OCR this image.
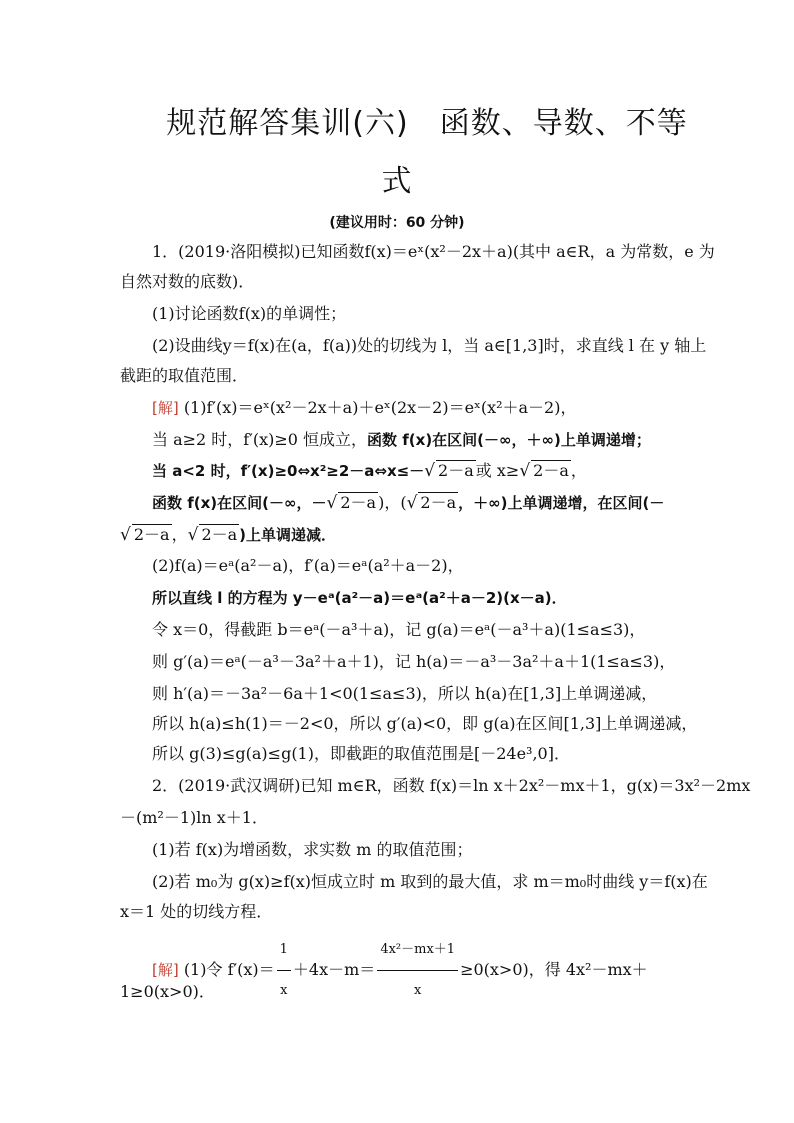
规范解答集训(六)　函数、导数、不等
式
(建议用时：60 分钟)
1．(2019·洛阳模拟)已知函数f(x)＝eˣ(x²－2x＋a)(其中 a∈R，a 为常数，e 为
自然对数的底数)．
(1)讨论函数f(x)的单调性；
(2)设曲线y＝f(x)在(a，f(a))处的切线为 l，当 a∈[1,3]时，求直线 l 在 y 轴上
截距的取值范围．
[解] (1)f′(x)＝eˣ(x²－2x＋a)＋eˣ(2x－2)＝eˣ(x²＋a－2)，
当 a≥2 时，f′(x)≥0 恒成立，函数 f(x)在区间(－∞，＋∞)上单调递增；
当 a<2 时，f′(x)≥0⇔x²≥2－a⇔x≤－√ 2－a 或 x≥√ 2－a ，
函数 f(x)在区间(－∞，－√ 2－a )，(√ 2－a ，＋∞)上单调递增，在区间(－
√ 2－a ，√ 2－a )上单调递减．
(2)f(a)＝eᵃ(a²－a)，f′(a)＝eᵃ(a²＋a－2)，
所以直线 l 的方程为 y－eᵃ(a²－a)＝eᵃ(a²＋a－2)(x－a)．
令 x＝0，得截距 b＝eᵃ(－a³＋a)，记 g(a)＝eᵃ(－a³＋a)(1≤a≤3)，
则 g′(a)＝eᵃ(－a³－3a²＋a＋1)，记 h(a)＝－a³－3a²＋a＋1(1≤a≤3)，
则 h′(a)＝－3a²－6a＋1<0(1≤a≤3)，所以 h(a)在[1,3]上单调递减，
所以 h(a)≤h(1)＝－2<0，所以 g′(a)<0，即 g(a)在区间[1,3]上单调递减，
所以 g(3)≤g(a)≤g(1)，即截距的取值范围是[－24e³,0]．
2．(2019·武汉调研)已知 m∈R，函数 f(x)＝ln x＋2x²－mx＋1，g(x)＝3x²－2mx
－(m²－1)ln x＋1．
(1)若 f(x)为增函数，求实数 m 的取值范围；
(2)若 m₀为 g(x)≥f(x)恒成立时 m 取到的最大值，求 m＝m₀时曲线 y＝f(x)在
x＝1 处的切线方程．
[解] (1)令 $f'(x)= \frac{1}{x} +4x-m= \frac{\text{4x²－mx＋1}}{x} \ge 0(x>0)$，得 4x²－mx＋
1≥0(x>0)．
